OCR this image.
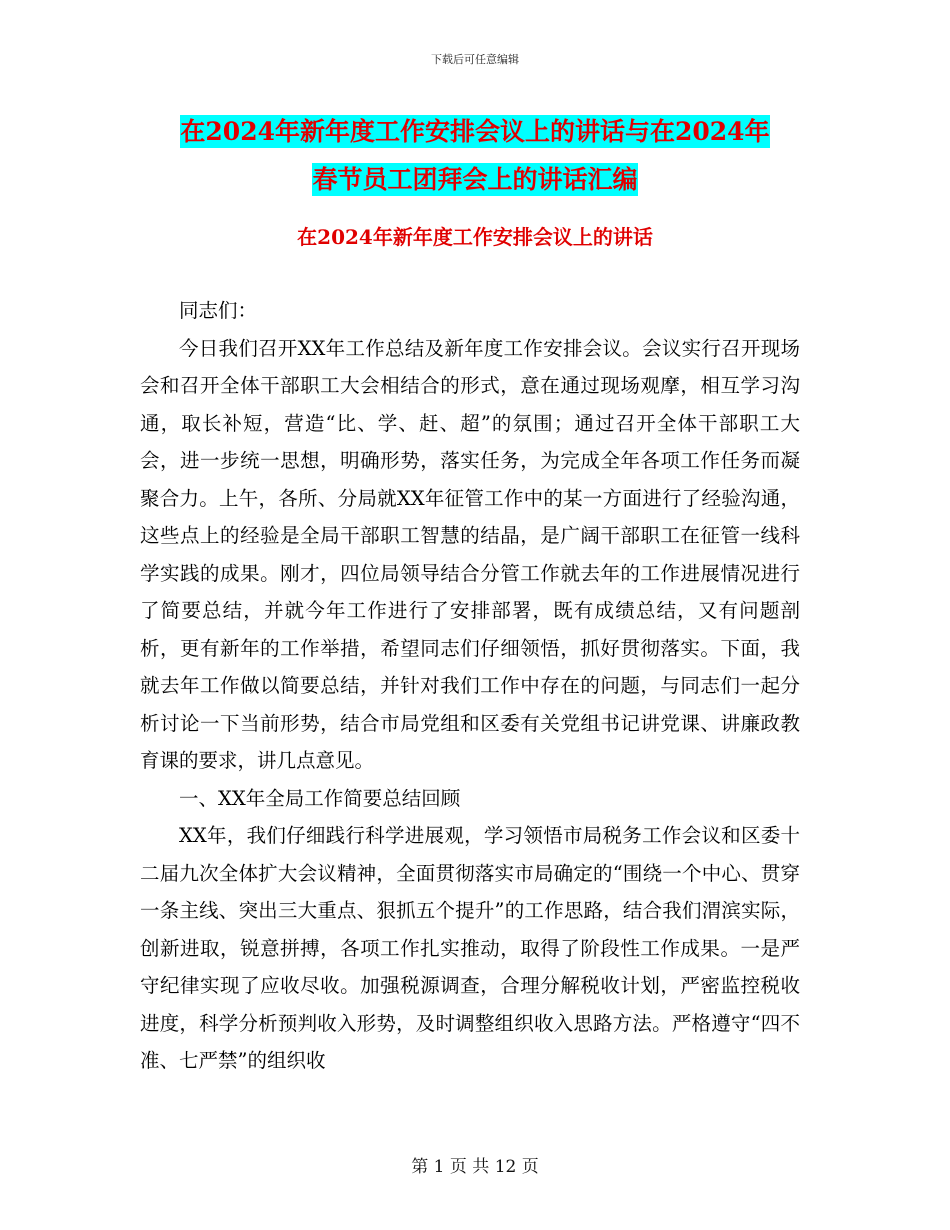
下载后可任意编辑
在2024年新年度工作安排会议上的讲话与在2024年
春节员工团拜会上的讲话汇编
在2024年新年度工作安排会议上的讲话

同志们：

今日我们召开XX年工作总结及新年度工作安排会议。会议实行召开现场会和召开全体干部职工大会相结合的形式，意在通过现场观摩，相互学习沟通，取长补短，营造“比、学、赶、超”的氛围；通过召开全体干部职工大会，进一步统一思想，明确形势，落实任务，为完成全年各项工作任务而凝聚合力。上午，各所、分局就XX年征管工作中的某一方面进行了经验沟通，这些点上的经验是全局干部职工智慧的结晶，是广阔干部职工在征管一线科学实践的成果。刚才，四位局领导结合分管工作就去年的工作进展情况进行了简要总结，并就今年工作进行了安排部署，既有成绩总结，又有问题剖析，更有新年的工作举措，希望同志们仔细领悟，抓好贯彻落实。下面，我就去年工作做以简要总结，并针对我们工作中存在的问题，与同志们一起分析讨论一下当前形势，结合市局党组和区委有关党组书记讲党课、讲廉政教育课的要求，讲几点意见。

一、XX年全局工作简要总结回顾

XX年，我们仔细践行科学进展观，学习领悟市局税务工作会议和区委十二届九次全体扩大会议精神，全面贯彻落实市局确定的“围绕一个中心、贯穿一条主线、突出三大重点、狠抓五个提升”的工作思路，结合我们渭滨实际，创新进取，锐意拼搏，各项工作扎实推动，取得了阶段性工作成果。一是严守纪律实现了应收尽收。加强税源调查，合理分解税收计划，严密监控税收进度，科学分析预判收入形势，及时调整组织收入思路方法。严格遵守“四不准、七严禁”的组织收

第 1 页 共 12 页
